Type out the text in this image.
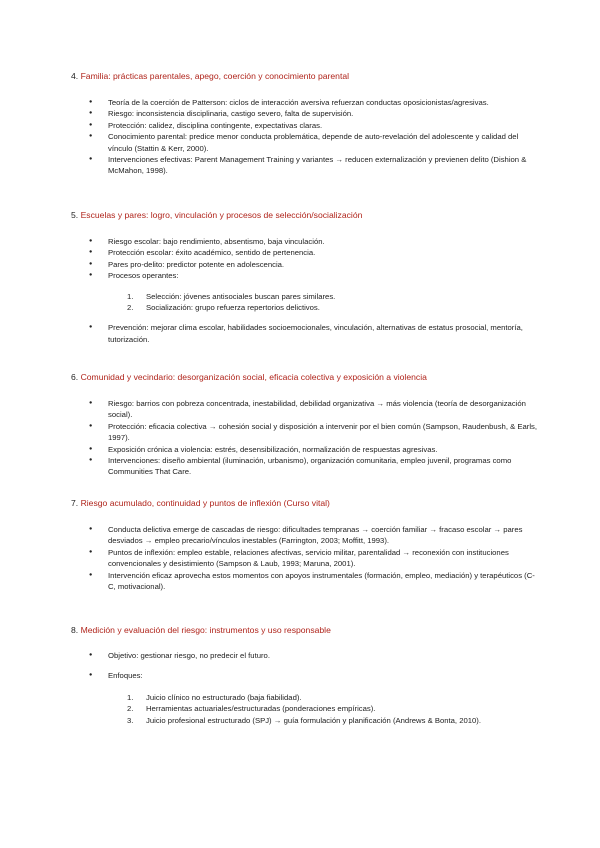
4. Familia: prácticas parentales, apego, coerción y conocimiento parental
● Teoría de la coerción de Patterson: ciclos de interacción aversiva refuerzan conductas oposicionistas/agresivas.
● Riesgo: inconsistencia disciplinaria, castigo severo, falta de supervisión.
● Protección: calidez, disciplina contingente, expectativas claras.
● Conocimiento parental: predice menor conducta problemática, depende de auto-revelación del adolescente y calidad del vínculo (Stattin & Kerr, 2000).
● Intervenciones efectivas: Parent Management Training y variantes → reducen externalización y previenen delito (Dishion & McMahon, 1998).
5. Escuelas y pares: logro, vinculación y procesos de selección/socialización
● Riesgo escolar: bajo rendimiento, absentismo, baja vinculación.
● Protección escolar: éxito académico, sentido de pertenencia.
● Pares pro-delito: predictor potente en adolescencia.
● Procesos operantes:
1. Selección: jóvenes antisociales buscan pares similares.
2. Socialización: grupo refuerza repertorios delictivos.
● Prevención: mejorar clima escolar, habilidades socioemocionales, vinculación, alternativas de estatus prosocial, mentoría, tutorización.
6. Comunidad y vecindario: desorganización social, eficacia colectiva y exposición a violencia
● Riesgo: barrios con pobreza concentrada, inestabilidad, debilidad organizativa → más violencia (teoría de desorganización social).
● Protección: eficacia colectiva → cohesión social y disposición a intervenir por el bien común (Sampson, Raudenbush, & Earls, 1997).
● Exposición crónica a violencia: estrés, desensibilización, normalización de respuestas agresivas.
● Intervenciones: diseño ambiental (iluminación, urbanismo), organización comunitaria, empleo juvenil, programas como Communities That Care.
7. Riesgo acumulado, continuidad y puntos de inflexión (Curso vital)
● Conducta delictiva emerge de cascadas de riesgo: dificultades tempranas → coerción familiar → fracaso escolar → pares desviados → empleo precario/vínculos inestables (Farrington, 2003; Moffitt, 1993).
● Puntos de inflexión: empleo estable, relaciones afectivas, servicio militar, parentalidad → reconexión con instituciones convencionales y desistimiento (Sampson & Laub, 1993; Maruna, 2001).
● Intervención eficaz aprovecha estos momentos con apoyos instrumentales (formación, empleo, mediación) y terapéuticos (C-C, motivacional).
8. Medición y evaluación del riesgo: instrumentos y uso responsable
● Objetivo: gestionar riesgo, no predecir el futuro.
● Enfoques:
1. Juicio clínico no estructurado (baja fiabilidad).
2. Herramientas actuariales/estructuradas (ponderaciones empíricas).
3. Juicio profesional estructurado (SPJ) → guía formulación y planificación (Andrews & Bonta, 2010).
